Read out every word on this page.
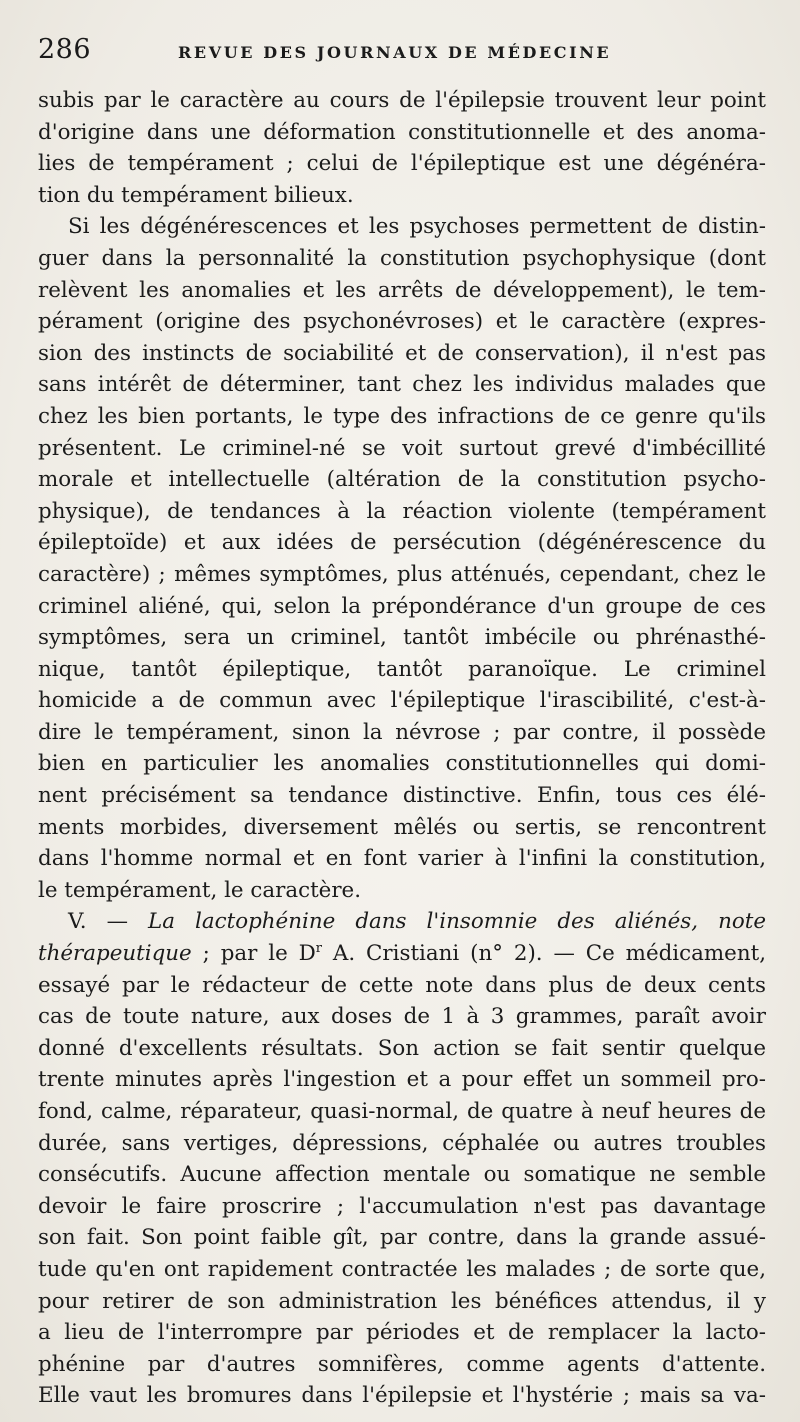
286	REVUE DES JOURNAUX DE MÉDECINE
subis par le caractère au cours de l'épilepsie trouvent leur point
d'origine dans une déformation constitutionnelle et des anoma-
lies de tempérament ; celui de l'épileptique est une dégénéra-
tion du tempérament bilieux.
Si les dégénérescences et les psychoses permettent de distin-
guer dans la personnalité la constitution psychophysique (dont
relèvent les anomalies et les arrêts de développement), le tem-
pérament (origine des psychonévroses) et le caractère (expres-
sion des instincts de sociabilité et de conservation), il n'est pas
sans intérêt de déterminer, tant chez les individus malades que
chez les bien portants, le type des infractions de ce genre qu'ils
présentent. Le criminel-né se voit surtout grevé d'imbécillité
morale et intellectuelle (altération de la constitution psycho-
physique), de tendances à la réaction violente (tempérament
épileptoïde) et aux idées de persécution (dégénérescence du
caractère) ; mêmes symptômes, plus atténués, cependant, chez le
criminel aliéné, qui, selon la prépondérance d'un groupe de ces
symptômes, sera un criminel, tantôt imbécile ou phrénasthé-
nique, tantôt épileptique, tantôt paranoïque. Le criminel
homicide a de commun avec l'épileptique l'irascibilité, c'est-à-
dire le tempérament, sinon la névrose ; par contre, il possède
bien en particulier les anomalies constitutionnelles qui domi-
nent précisément sa tendance distinctive. Enfin, tous ces élé-
ments morbides, diversement mêlés ou sertis, se rencontrent
dans l'homme normal et en font varier à l'infini la constitution,
le tempérament, le caractère.
V. — La lactophénine dans l'insomnie des aliénés, note
thérapeutique ; par le $D^r$ A. Cristiani (n° 2). — Ce médicament,
essayé par le rédacteur de cette note dans plus de deux cents
cas de toute nature, aux doses de 1 à 3 grammes, paraît avoir
donné d'excellents résultats. Son action se fait sentir quelque
trente minutes après l'ingestion et a pour effet un sommeil pro-
fond, calme, réparateur, quasi-normal, de quatre à neuf heures de
durée, sans vertiges, dépressions, céphalée ou autres troubles
consécutifs. Aucune affection mentale ou somatique ne semble
devoir le faire proscrire ; l'accumulation n'est pas davantage
son fait. Son point faible gît, par contre, dans la grande assué-
tude qu'en ont rapidement contractée les malades ; de sorte que,
pour retirer de son administration les bénéfices attendus, il y
a lieu de l'interrompre par périodes et de remplacer la lacto-
phénine par d'autres somnifères, comme agents d'attente.
Elle vaut les bromures dans l'épilepsie et l'hystérie ; mais sa va-
